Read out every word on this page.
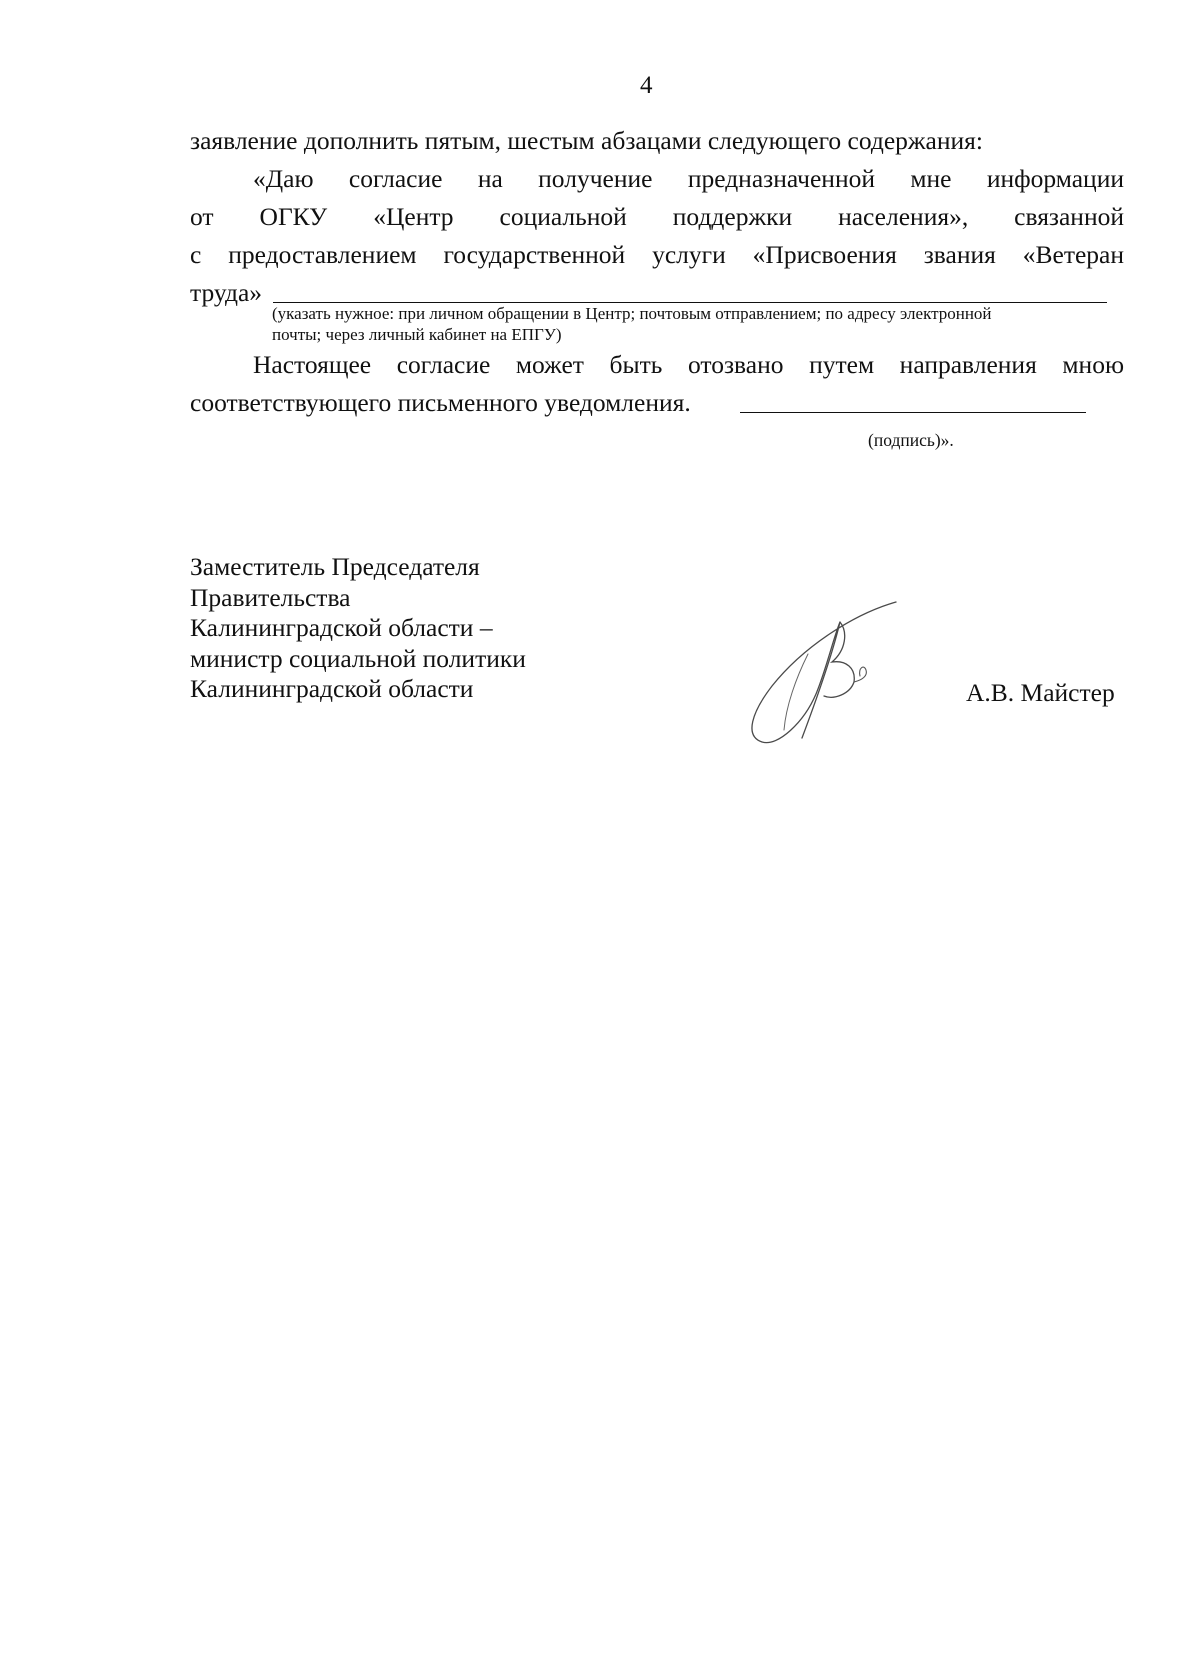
4
заявление дополнить пятым, шестым абзацами следующего содержания:
«Даю согласие на получение предназначенной мне информации
от ОГКУ «Центр социальной поддержки населения», связанной
с предоставлением государственной услуги «Присвоения звания «Ветеран
труда»
(указать нужное: при личном обращении в Центр; почтовым отправлением; по адресу электронной
почты; через личный кабинет на ЕПГУ)
Настоящее согласие может быть отозвано путем направления мною
соответствующего письменного уведомления.
(подпись)».
Заместитель Председателя
Правительства
Калининградской области –
министр социальной политики
Калининградской области	А.В. Майстер
